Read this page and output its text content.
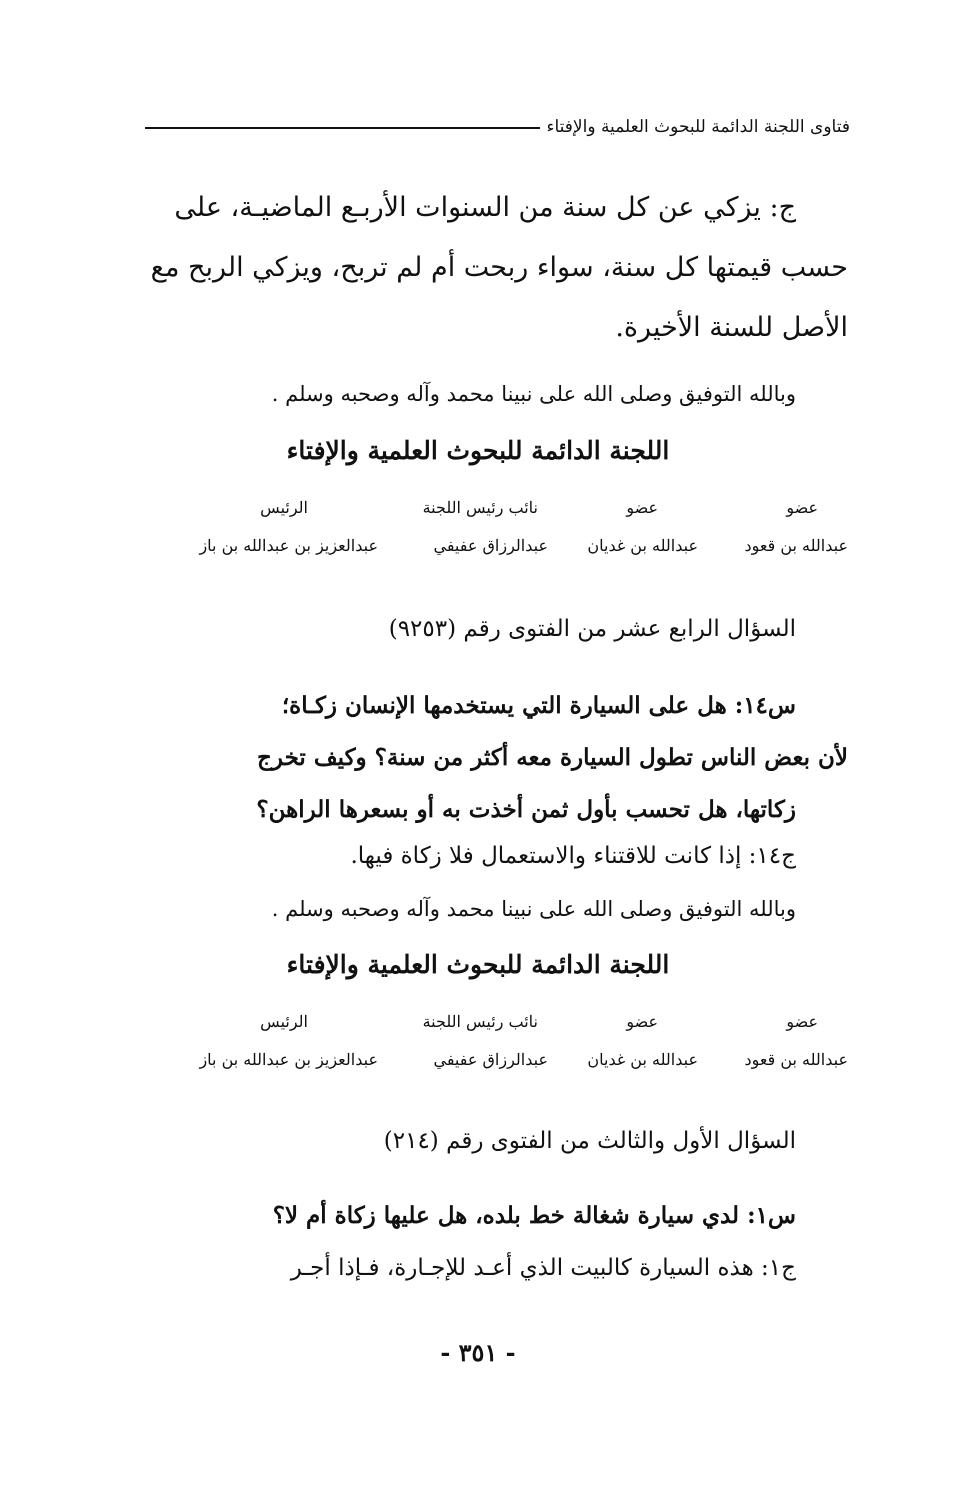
فتاوى اللجنة الدائمة للبحوث العلمية والإفتاء
ج: يزكي عن كل سنة من السنوات الأربـع الماضيـة، على
حسب قيمتها كل سنة، سواء ربحت أم لم تربح، ويزكي الربح مع
الأصل للسنة الأخيرة.
وبالله التوفيق وصلى الله على نبينا محمد وآله وصحبه وسلم .
اللجنة الدائمة للبحوث العلمية والإفتاء
عضو
عضو
نائب رئيس اللجنة
الرئيس
عبدالله بن قعود
عبدالله بن غديان
عبدالرزاق عفيفي
عبدالعزيز بن عبدالله بن باز
السؤال الرابع عشر من الفتوى رقم (٩٢٥٣)
س١٤: هل على السيارة التي يستخدمها الإنسان زكـاة؛
لأن بعض الناس تطول السيارة معه أكثر من سنة؟ وكيف تخرج
زكاتها، هل تحسب بأول ثمن أخذت به أو بسعرها الراهن؟
ج١٤: إذا كانت للاقتناء والاستعمال فلا زكاة فيها.
وبالله التوفيق وصلى الله على نبينا محمد وآله وصحبه وسلم .
اللجنة الدائمة للبحوث العلمية والإفتاء
عضو
عضو
نائب رئيس اللجنة
الرئيس
عبدالله بن قعود
عبدالله بن غديان
عبدالرزاق عفيفي
عبدالعزيز بن عبدالله بن باز
السؤال الأول والثالث من الفتوى رقم (٢١٤)
س١: لدي سيارة شغالة خط بلده، هل عليها زكاة أم لا؟
ج١: هذه السيارة كالبيت الذي أعـد للإجـارة، فـإذا أجـر
- ٣٥١ -
